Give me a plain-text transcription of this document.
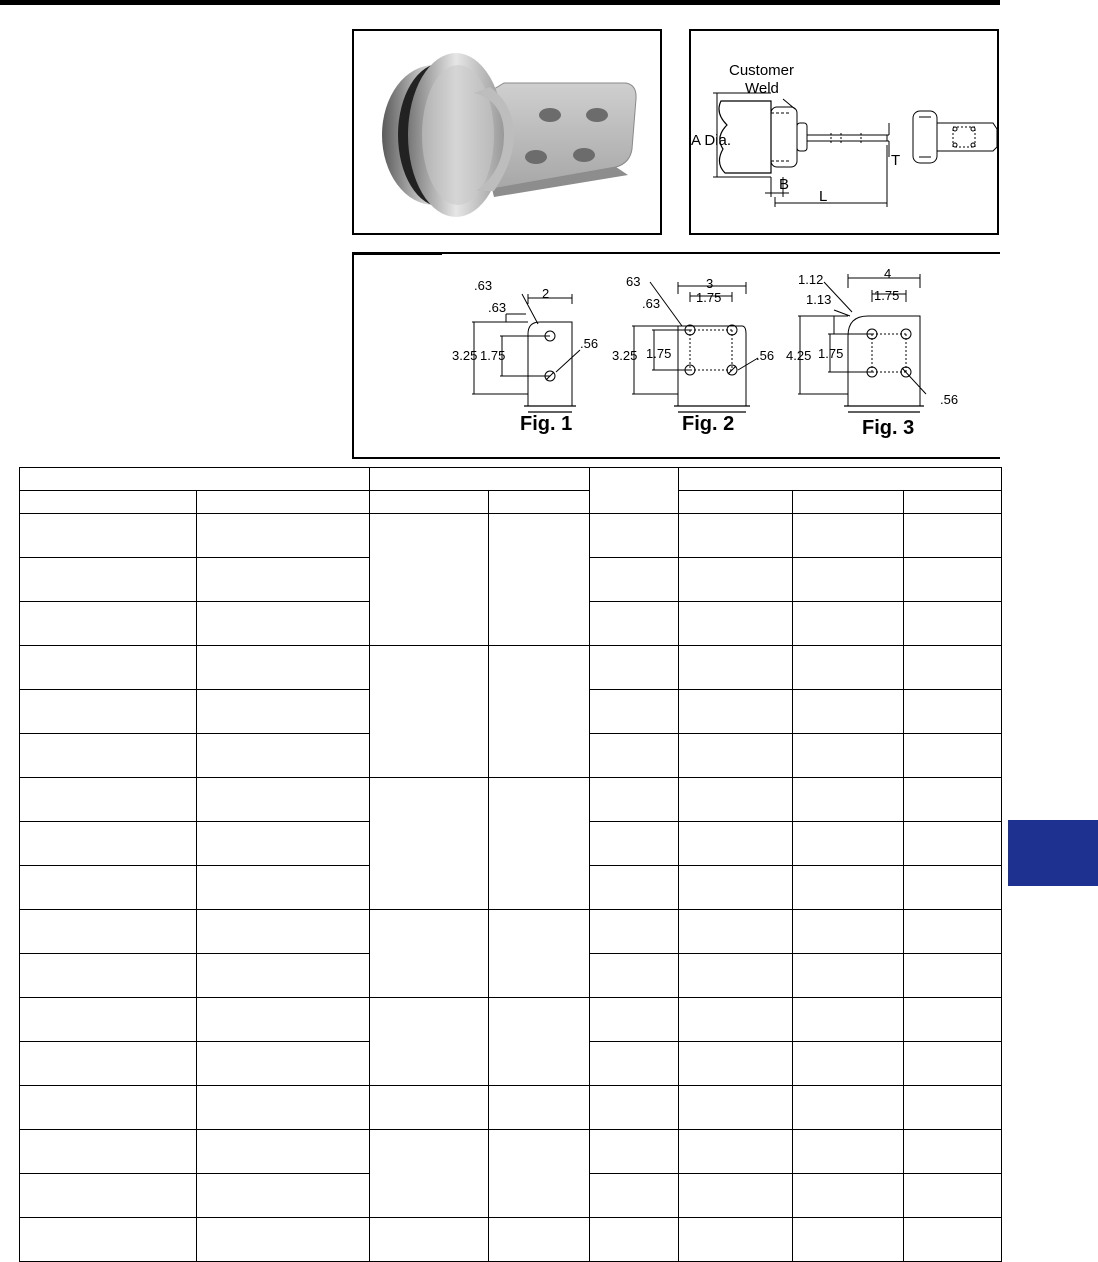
Customer
Weld
A Dia.
B
L
T
2
.63
.63
3.25 1.75
.56
Fig. 1
3
1.75
63
.63
3.25 1.75	.56
Fig. 2
4
1.75
1.12
1.13
4.25 1.75
.56
Fig. 3
